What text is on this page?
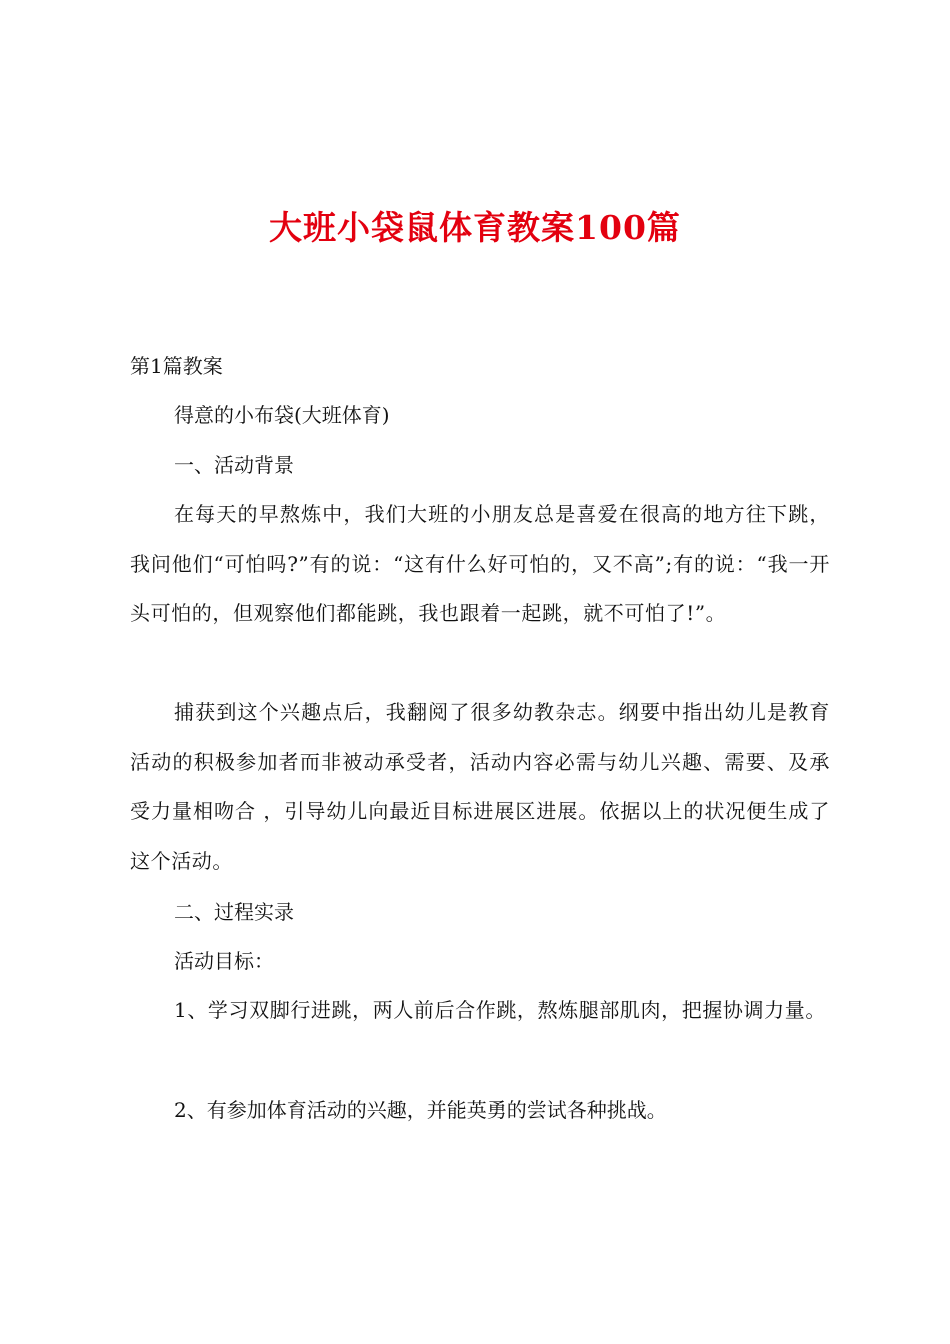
大班小袋鼠体育教案100篇
第1篇教案
得意的小布袋(大班体育)
一、活动背景
在每天的早熬炼中，我们大班的小朋友总是喜爱在很高的地方往下跳，我问他们“可怕吗?”有的说：“这有什么好可怕的，又不高”;有的说：“我一开头可怕的，但观察他们都能跳，我也跟着一起跳，就不可怕了!”。
捕获到这个兴趣点后，我翻阅了很多幼教杂志。纲要中指出幼儿是教育活动的积极参加者而非被动承受者，活动内容必需与幼儿兴趣、需要、及承受力量相吻合 ，引导幼儿向最近目标进展区进展。依据以上的状况便生成了这个活动。
二、过程实录
活动目标：
1、学习双脚行进跳，两人前后合作跳，熬炼腿部肌肉，把握协调力量。
2、有参加体育活动的兴趣，并能英勇的尝试各种挑战。
